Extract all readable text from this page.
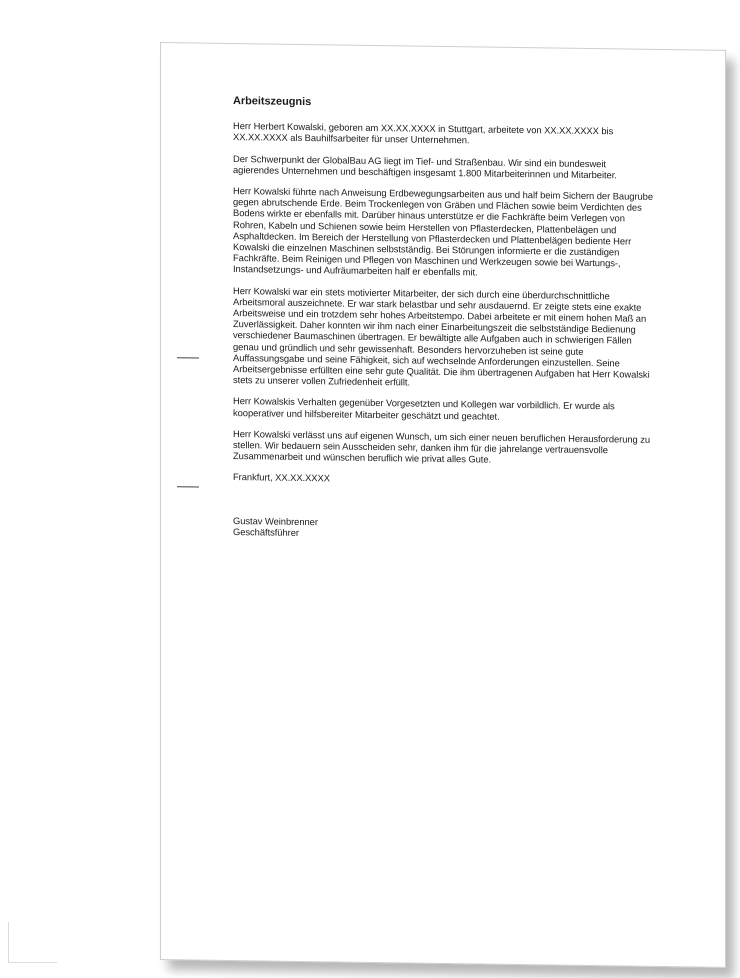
Arbeitszeugnis

Herr Herbert Kowalski, geboren am XX.XX.XXXX in Stuttgart, arbeitete von XX.XX.XXXX bis XX.XX.XXXX als Bauhilfsarbeiter für unser Unternehmen.

Der Schwerpunkt der GlobalBau AG liegt im Tief- und Straßenbau. Wir sind ein bundesweit agierendes Unternehmen und beschäftigen insgesamt 1.800 Mitarbeiterinnen und Mitarbeiter.

Herr Kowalski führte nach Anweisung Erdbewegungsarbeiten aus und half beim Sichern der Baugrube gegen abrutschende Erde. Beim Trockenlegen von Gräben und Flächen sowie beim Verdichten des Bodens wirkte er ebenfalls mit. Darüber hinaus unterstütze er die Fachkräfte beim Verlegen von Rohren, Kabeln und Schienen sowie beim Herstellen von Pflasterdecken, Plattenbelägen und Asphaltdecken. Im Bereich der Herstellung von Pflasterdecken und Plattenbelägen bediente Herr Kowalski die einzelnen Maschinen selbstständig. Bei Störungen informierte er die zuständigen Fachkräfte. Beim Reinigen und Pflegen von Maschinen und Werkzeugen sowie bei Wartungs-, Instandsetzungs- und Aufräumarbeiten half er ebenfalls mit.

Herr Kowalski war ein stets motivierter Mitarbeiter, der sich durch eine überdurchschnittliche Arbeitsmoral auszeichnete. Er war stark belastbar und sehr ausdauernd. Er zeigte stets eine exakte Arbeitsweise und ein trotzdem sehr hohes Arbeitstempo. Dabei arbeitete er mit einem hohen Maß an Zuverlässigkeit. Daher konnten wir ihm nach einer Einarbeitungszeit die selbstständige Bedienung verschiedener Baumaschinen übertragen. Er bewältigte alle Aufgaben auch in schwierigen Fällen genau und gründlich und sehr gewissenhaft. Besonders hervorzuheben ist seine gute Auffassungsgabe und seine Fähigkeit, sich auf wechselnde Anforderungen einzustellen. Seine Arbeitsergebnisse erfüllten eine sehr gute Qualität. Die ihm übertragenen Aufgaben hat Herr Kowalski stets zu unserer vollen Zufriedenheit erfüllt.

Herr Kowalskis Verhalten gegenüber Vorgesetzten und Kollegen war vorbildlich. Er wurde als kooperativer und hilfsbereiter Mitarbeiter geschätzt und geachtet.

Herr Kowalski verlässt uns auf eigenen Wunsch, um sich einer neuen beruflichen Herausforderung zu stellen. Wir bedauern sein Ausscheiden sehr, danken ihm für die jahrelange vertrauensvolle Zusammenarbeit und wünschen beruflich wie privat alles Gute.

Frankfurt, XX.XX.XXXX

Gustav Weinbrenner
Geschäftsführer
